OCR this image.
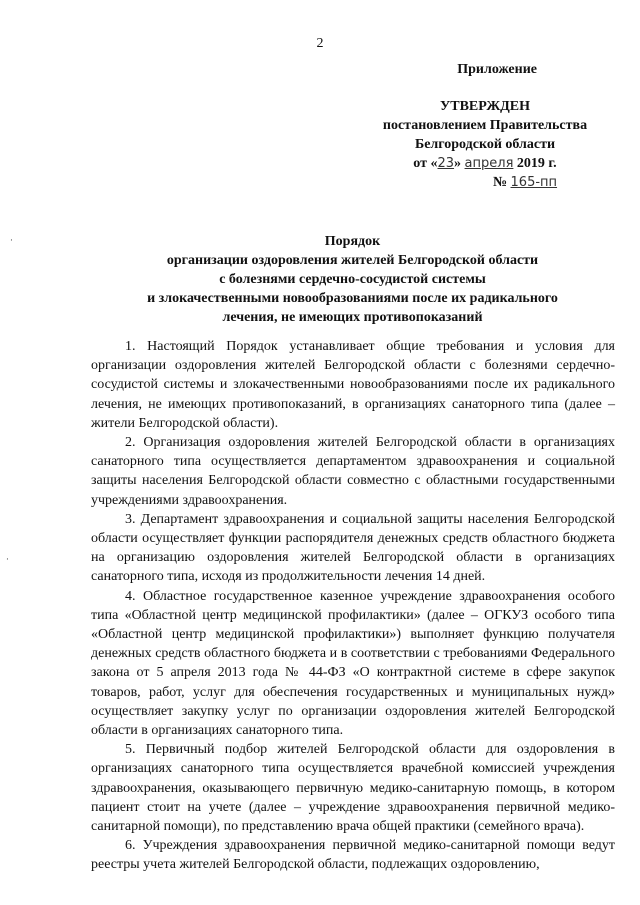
2
Приложение
УТВЕРЖДЕН
постановлением Правительства
Белгородской области
от «23» апреля 2019 г.
№ 165-пп
·
·
Порядок
организации оздоровления жителей Белгородской области
с болезнями сердечно-сосудистой системы
и злокачественными новообразованиями после их радикального
лечения, не имеющих противопоказаний

1. Настоящий Порядок устанавливает общие требования и условия для организации оздоровления жителей Белгородской области с болезнями сердечно-сосудистой системы и злокачественными новообразованиями после их радикального лечения, не имеющих противопоказаний, в организациях санаторного типа (далее – жители Белгородской области).

2. Организация оздоровления жителей Белгородской области в организациях санаторного типа осуществляется департаментом здравоохранения и социальной защиты населения Белгородской области совместно с областными государственными учреждениями здравоохранения.

3. Департамент здравоохранения и социальной защиты населения Белгородской области осуществляет функции распорядителя денежных средств областного бюджета на организацию оздоровления жителей Белгородской области в организациях санаторного типа, исходя из продолжительности лечения 14 дней.

4. Областное государственное казенное учреждение здравоохранения особого типа «Областной центр медицинской профилактики» (далее – ОГКУЗ особого типа «Областной центр медицинской профилактики») выполняет функцию получателя денежных средств областного бюджета и в соответствии с требованиями Федерального закона от 5 апреля 2013 года № 44-ФЗ «О контрактной системе в сфере закупок товаров, работ, услуг для обеспечения государственных и муниципальных нужд» осуществляет закупку услуг по организации оздоровления жителей Белгородской области в организациях санаторного типа.

5. Первичный подбор жителей Белгородской области для оздоровления в организациях санаторного типа осуществляется врачебной комиссией учреждения здравоохранения, оказывающего первичную медико-санитарную помощь, в котором пациент стоит на учете (далее – учреждение здравоохранения первичной медико-санитарной помощи), по представлению врача общей практики (семейного врача).

6. Учреждения здравоохранения первичной медико-санитарной помощи ведут реестры учета жителей Белгородской области, подлежащих оздоровлению,
